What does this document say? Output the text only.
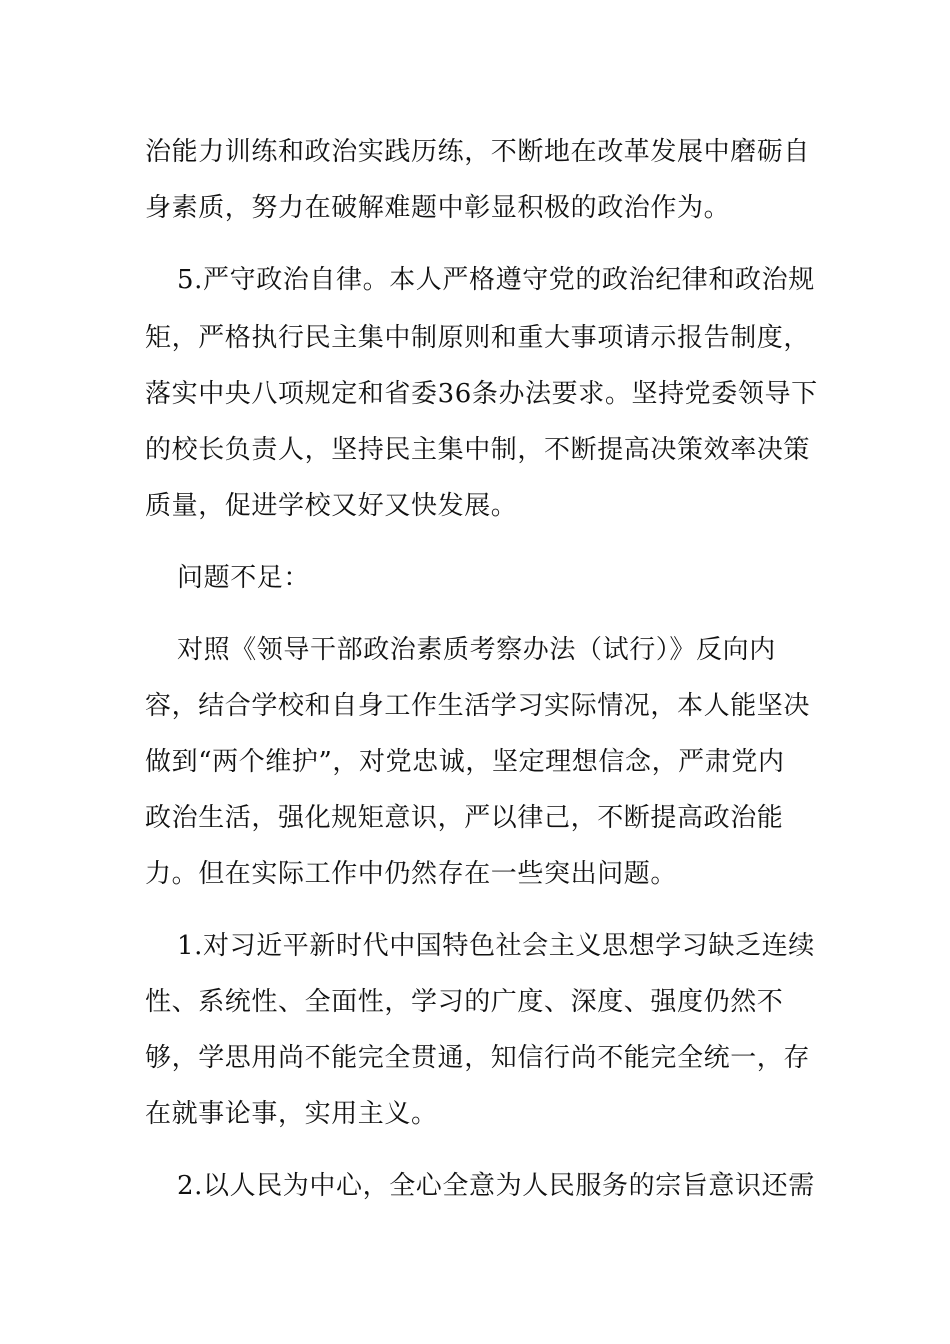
治能力训练和政治实践历练，不断地在改革发展中磨砺自
身素质，努力在破解难题中彰显积极的政治作为。
5.严守政治自律。本人严格遵守党的政治纪律和政治规
矩，严格执行民主集中制原则和重大事项请示报告制度，
落实中央八项规定和省委36条办法要求。坚持党委领导下
的校长负责人，坚持民主集中制，不断提高决策效率决策
质量，促进学校又好又快发展。
问题不足：
对照《领导干部政治素质考察办法（试行）》反向内
容，结合学校和自身工作生活学习实际情况，本人能坚决
做到“两个维护”，对党忠诚，坚定理想信念，严肃党内
政治生活，强化规矩意识，严以律己，不断提高政治能
力。但在实际工作中仍然存在一些突出问题。
1.对习近平新时代中国特色社会主义思想学习缺乏连续
性、系统性、全面性，学习的广度、深度、强度仍然不
够，学思用尚不能完全贯通，知信行尚不能完全统一，存
在就事论事，实用主义。
2.以人民为中心，全心全意为人民服务的宗旨意识还需
